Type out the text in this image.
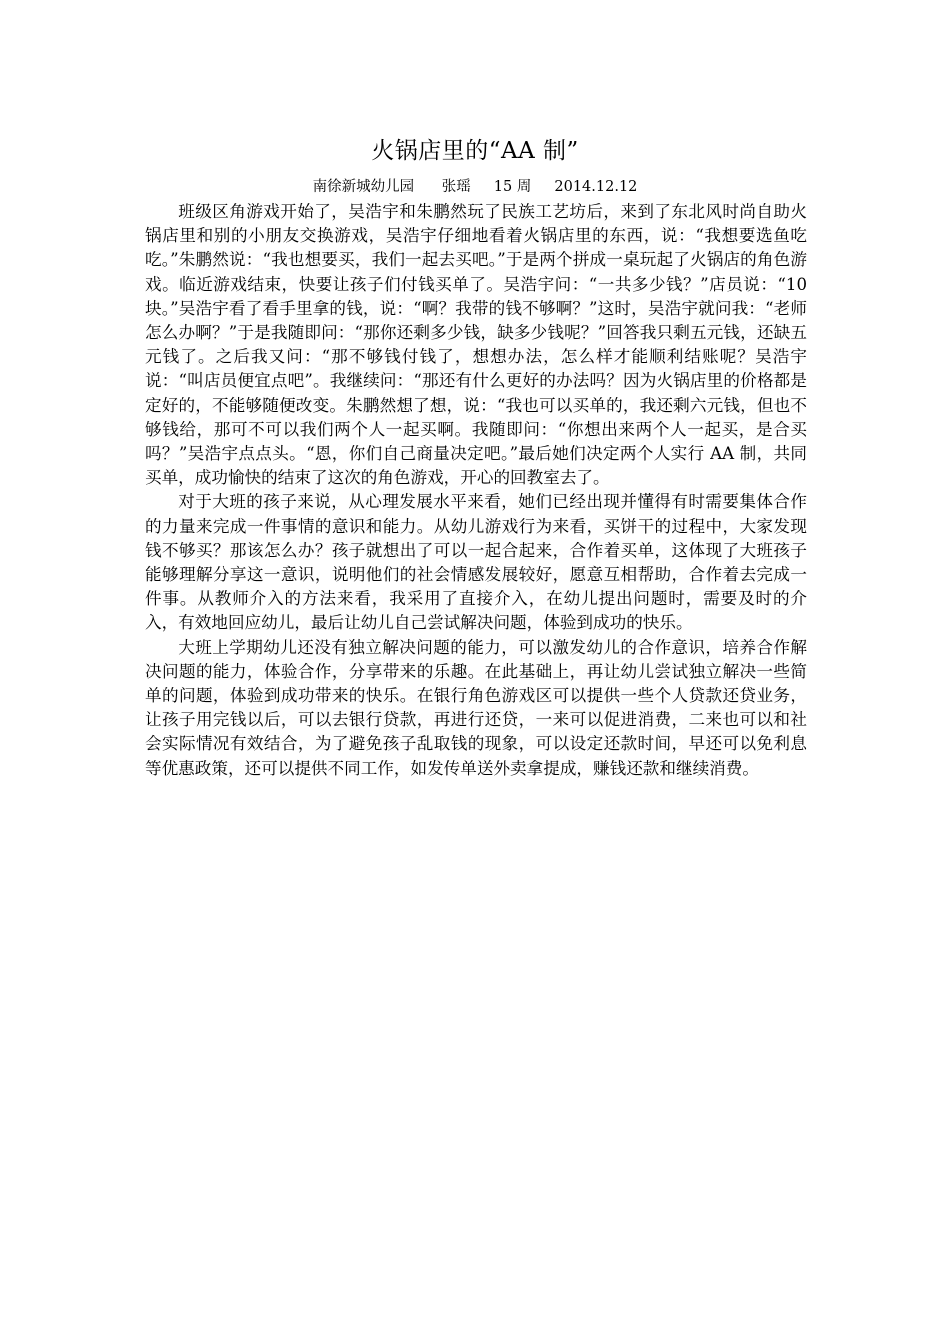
火锅店里的“AA 制”
南徐新城幼儿园      张瑶     15 周     2014.12.12

班级区角游戏开始了，吴浩宇和朱鹏然玩了民族工艺坊后，来到了东北风时尚自助火锅店里和别的小朋友交换游戏，吴浩宇仔细地看着火锅店里的东西，说：“我想要选鱼吃吃。”朱鹏然说：“我也想要买，我们一起去买吧。”于是两个拼成一桌玩起了火锅店的角色游戏。临近游戏结束，快要让孩子们付钱买单了。吴浩宇问：“一共多少钱？”店员说：“10 块。”吴浩宇看了看手里拿的钱，说：“啊？我带的钱不够啊？”这时，吴浩宇就问我：“老师怎么办啊？”于是我随即问：“那你还剩多少钱，缺多少钱呢？”回答我只剩五元钱，还缺五元钱了。之后我又问：“那不够钱付钱了，想想办法，怎么样才能顺利结账呢？吴浩宇说：“叫店员便宜点吧”。我继续问：“那还有什么更好的办法吗？因为火锅店里的价格都是定好的，不能够随便改变。朱鹏然想了想，说：“我也可以买单的，我还剩六元钱，但也不够钱给，那可不可以我们两个人一起买啊。我随即问：“你想出来两个人一起买，是合买吗？”吴浩宇点点头。“恩，你们自己商量决定吧。”最后她们决定两个人实行 AA 制，共同买单，成功愉快的结束了这次的角色游戏，开心的回教室去了。

对于大班的孩子来说，从心理发展水平来看，她们已经出现并懂得有时需要集体合作的力量来完成一件事情的意识和能力。从幼儿游戏行为来看，买饼干的过程中，大家发现钱不够买？那该怎么办？孩子就想出了可以一起合起来，合作着买单，这体现了大班孩子能够理解分享这一意识，说明他们的社会情感发展较好，愿意互相帮助，合作着去完成一件事。从教师介入的方法来看，我采用了直接介入，在幼儿提出问题时，需要及时的介入，有效地回应幼儿，最后让幼儿自己尝试解决问题，体验到成功的快乐。

大班上学期幼儿还没有独立解决问题的能力，可以激发幼儿的合作意识，培养合作解决问题的能力，体验合作，分享带来的乐趣。在此基础上，再让幼儿尝试独立解决一些简单的问题，体验到成功带来的快乐。在银行角色游戏区可以提供一些个人贷款还贷业务，让孩子用完钱以后，可以去银行贷款，再进行还贷，一来可以促进消费，二来也可以和社会实际情况有效结合，为了避免孩子乱取钱的现象，可以设定还款时间，早还可以免利息等优惠政策，还可以提供不同工作，如发传单送外卖拿提成，赚钱还款和继续消费。
